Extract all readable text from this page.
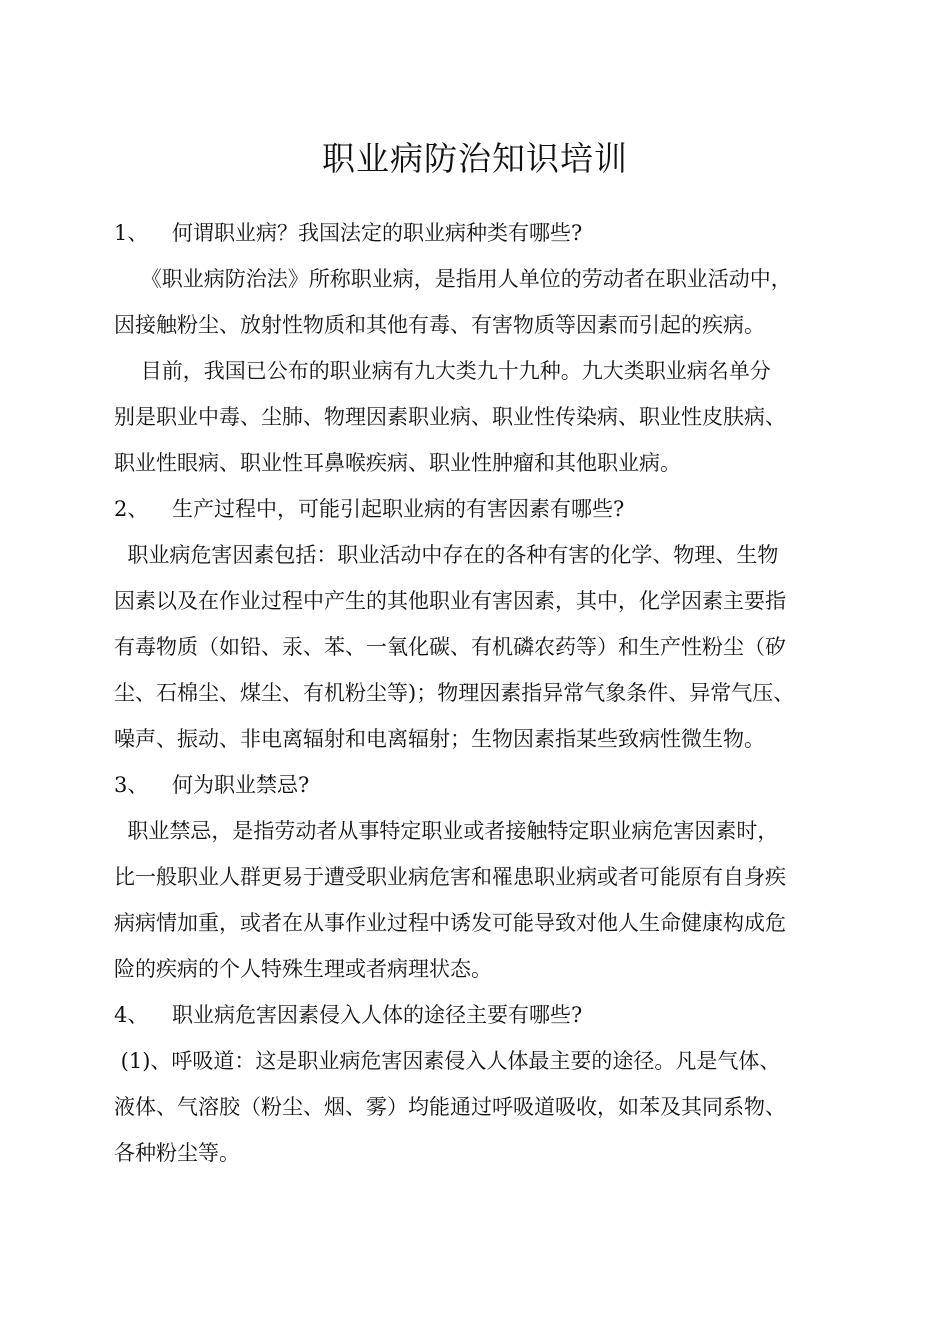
职业病防治知识培训
1、	何谓职业病？我国法定的职业病种类有哪些?
《职业病防治法》所称职业病，是指用人单位的劳动者在职业活动中，
因接触粉尘、放射性物质和其他有毒、有害物质等因素而引起的疾病。
目前，我国已公布的职业病有九大类九十九种。九大类职业病名单分
别是职业中毒、尘肺、物理因素职业病、职业性传染病、职业性皮肤病、
职业性眼病、职业性耳鼻喉疾病、职业性肿瘤和其他职业病。
2、	生产过程中，可能引起职业病的有害因素有哪些?
职业病危害因素包括：职业活动中存在的各种有害的化学、物理、生物
因素以及在作业过程中产生的其他职业有害因素，其中，化学因素主要指
有毒物质（如铅、汞、苯、一氧化碳、有机磷农药等）和生产性粉尘（矽
尘、石棉尘、煤尘、有机粉尘等)；物理因素指异常气象条件、异常气压、
噪声、振动、非电离辐射和电离辐射；生物因素指某些致病性微生物。
3、	何为职业禁忌?
职业禁忌，是指劳动者从事特定职业或者接触特定职业病危害因素时，
比一般职业人群更易于遭受职业病危害和罹患职业病或者可能原有自身疾
病病情加重，或者在从事作业过程中诱发可能导致对他人生命健康构成危
险的疾病的个人特殊生理或者病理状态。
4、	职业病危害因素侵入人体的途径主要有哪些?
(1)、呼吸道：这是职业病危害因素侵入人体最主要的途径。凡是气体、
液体、气溶胶（粉尘、烟、雾）均能通过呼吸道吸收，如苯及其同系物、
各种粉尘等。
